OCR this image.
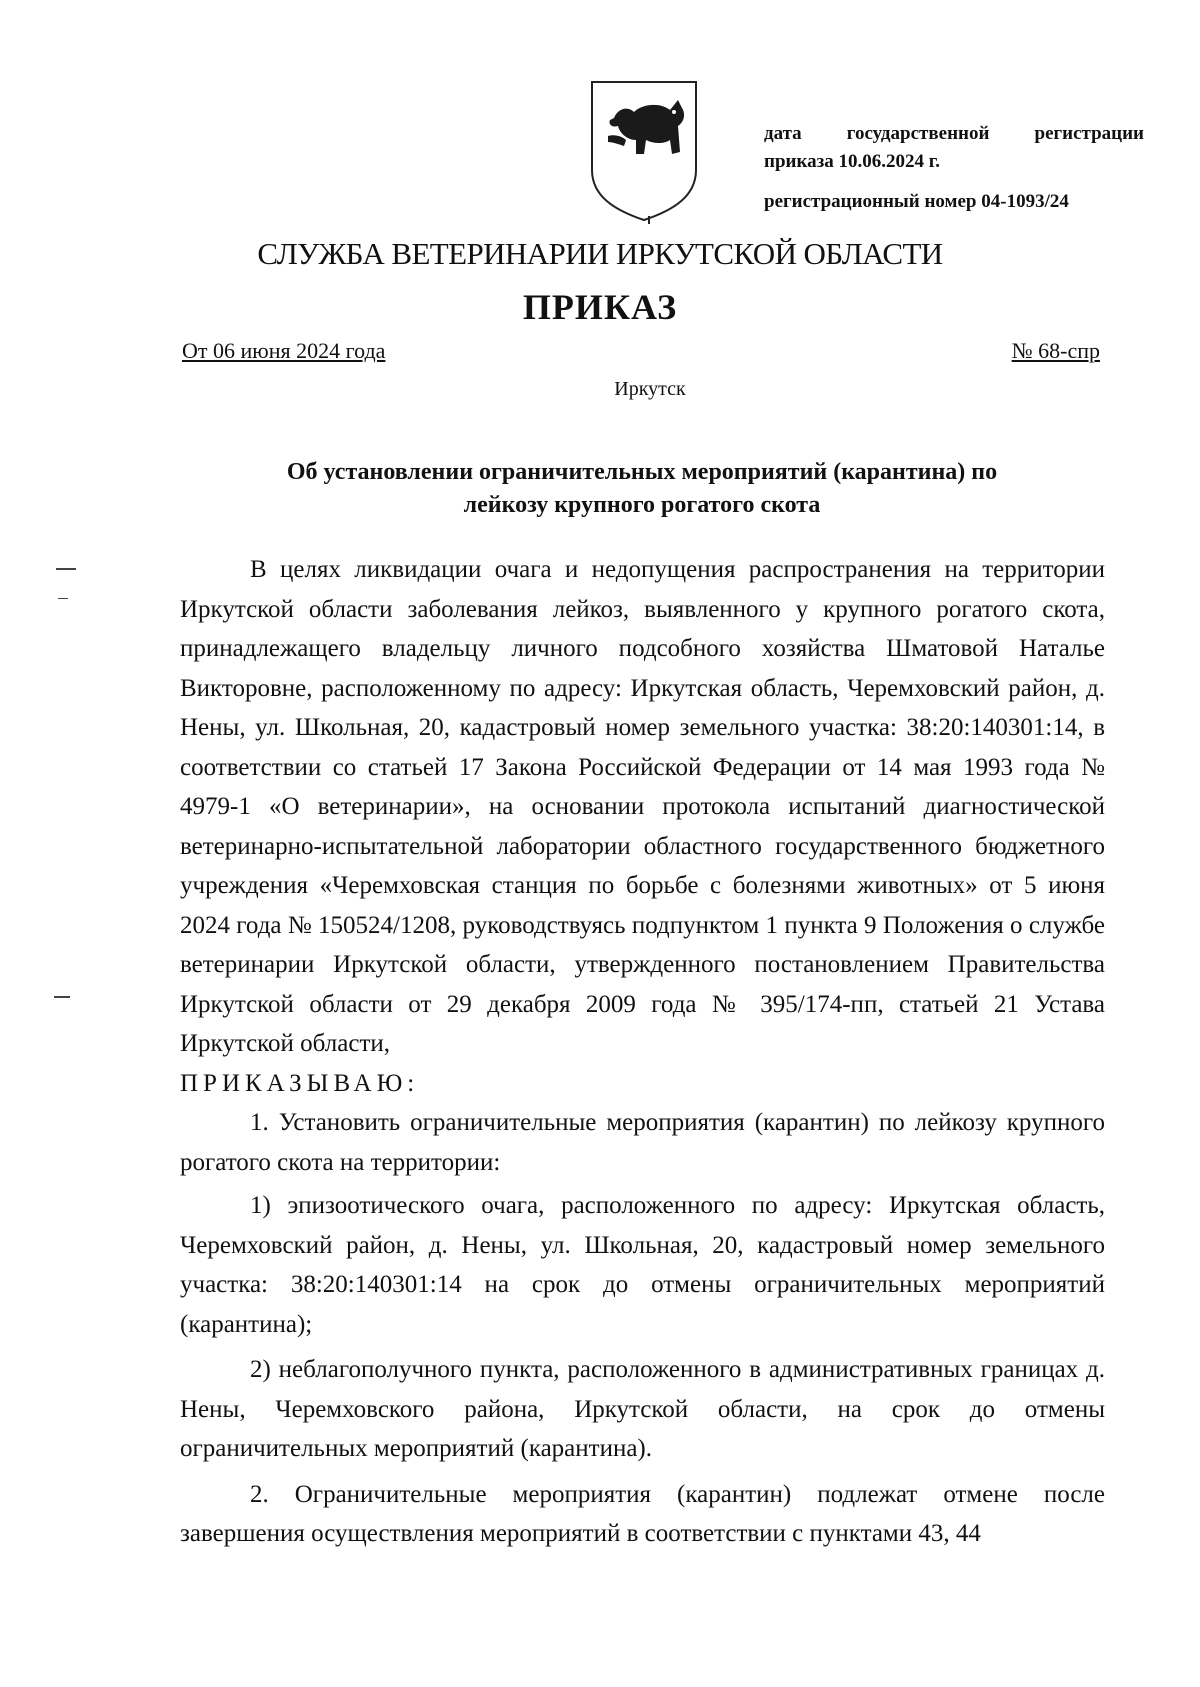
дата государственной регистрации
приказа 10.06.2024 г.
регистрационный номер 04-1093/24
СЛУЖБА ВЕТЕРИНАРИИ ИРКУТСКОЙ ОБЛАСТИ
ПРИКАЗ
От 06 июня 2024 года	№ 68-спр
Иркутск
Об установлении ограничительных мероприятий (карантина) по
лейкозу крупного рогатого скота

В целях ликвидации очага и недопущения распространения на территории Иркутской области заболевания лейкоз, выявленного у крупного рогатого скота, принадлежащего владельцу личного подсобного хозяйства Шматовой Наталье Викторовне, расположенному по адресу: Иркутская область, Черемховский район, д. Нены, ул. Школьная, 20, кадастровый номер земельного участка: 38:20:140301:14, в соответствии со статьей 17 Закона Российской Федерации от 14 мая 1993 года № 4979-1 «О ветеринарии», на основании протокола испытаний диагностической ветеринарно-испытательной лаборатории областного государственного бюджетного учреждения «Черемховская станция по борьбе с болезнями животных» от 5 июня 2024 года № 150524/1208, руководствуясь подпунктом 1 пункта 9 Положения о службе ветеринарии Иркутской области, утвержденного постановлением Правительства Иркутской области от 29 декабря 2009 года № 395/174-пп, статьей 21 Устава Иркутской области,

ПРИКАЗЫВАЮ:

1. Установить ограничительные мероприятия (карантин) по лейкозу крупного рогатого скота на территории:

1) эпизоотического очага, расположенного по адресу: Иркутская область, Черемховский район, д. Нены, ул. Школьная, 20, кадастровый номер земельного участка: 38:20:140301:14 на срок до отмены ограничительных мероприятий (карантина);

2) неблагополучного пункта, расположенного в административных границах д. Нены, Черемховского района, Иркутской области, на срок до отмены ограничительных мероприятий (карантина).

2. Ограничительные мероприятия (карантин) подлежат отмене после завершения осуществления мероприятий в соответствии с пунктами 43, 44
